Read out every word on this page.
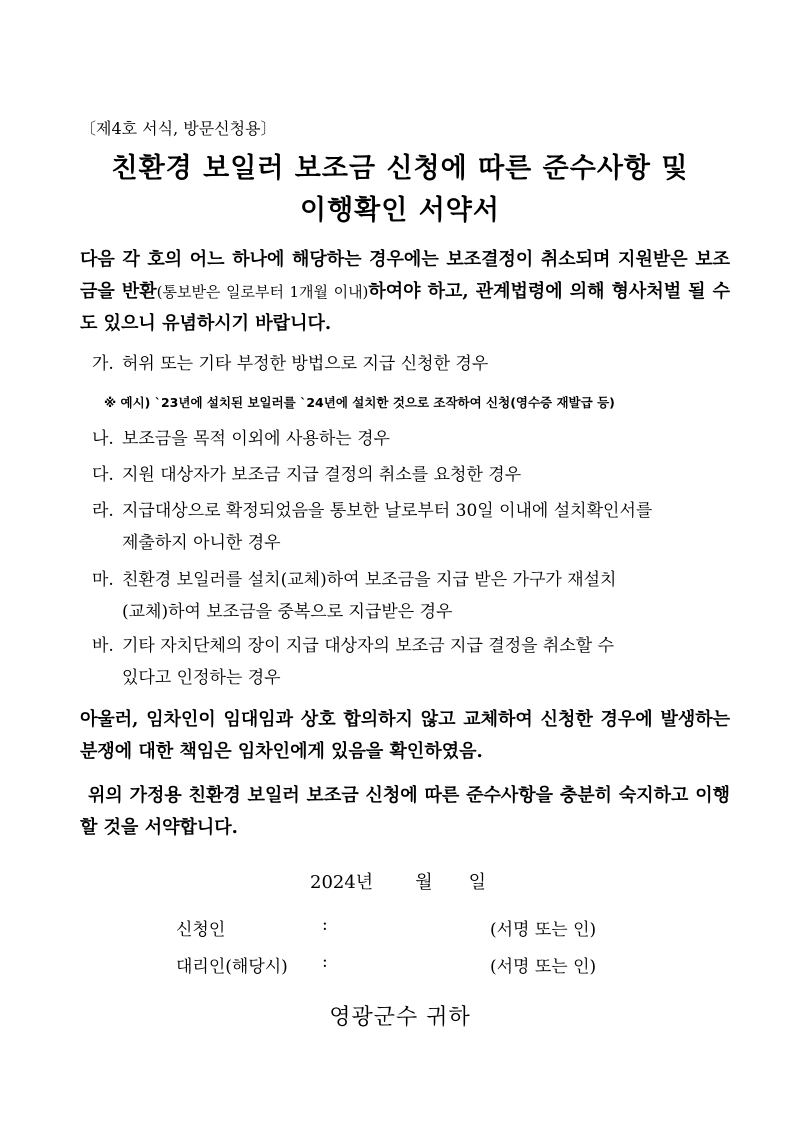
〔제4호 서식, 방문신청용〕
친환경 보일러 보조금 신청에 따른 준수사항 및
이행확인 서약서
다음 각 호의 어느 하나에 해당하는 경우에는 보조결정이 취소되며 지원받은 보조금을 반환(통보받은 일로부터 1개월 이내)하여야 하고, 관계법령에 의해 형사처벌 될 수도 있으니 유념하시기 바랍니다.
가. 허위 또는 기타 부정한 방법으로 지급 신청한 경우
※ 예시) `23년에 설치된 보일러를 `24년에 설치한 것으로 조작하여 신청(영수증 재발급 등)
나. 보조금을 목적 이외에 사용하는 경우
다. 지원 대상자가 보조금 지급 결정의 취소를 요청한 경우
라. 지급대상으로 확정되었음을 통보한 날로부터 30일 이내에 설치확인서를
제출하지 아니한 경우
마. 친환경 보일러를 설치(교체)하여 보조금을 지급 받은 가구가 재설치
(교체)하여 보조금을 중복으로 지급받은 경우
바. 기타 자치단체의 장이 지급 대상자의 보조금 지급 결정을 취소할 수
있다고 인정하는 경우
아울러, 임차인이 임대임과 상호 합의하지 않고 교체하여 신청한 경우에 발생하는 분쟁에 대한 책임은 임차인에게 있음을 확인하였음.
위의 가정용 친환경 보일러 보조금 신청에 따른 준수사항을 충분히 숙지하고 이행할 것을 서약합니다.
2024년 월 일
신청인	:	(서명 또는 인)
대리인(해당시) :	(서명 또는 인)
영광군수 귀하
